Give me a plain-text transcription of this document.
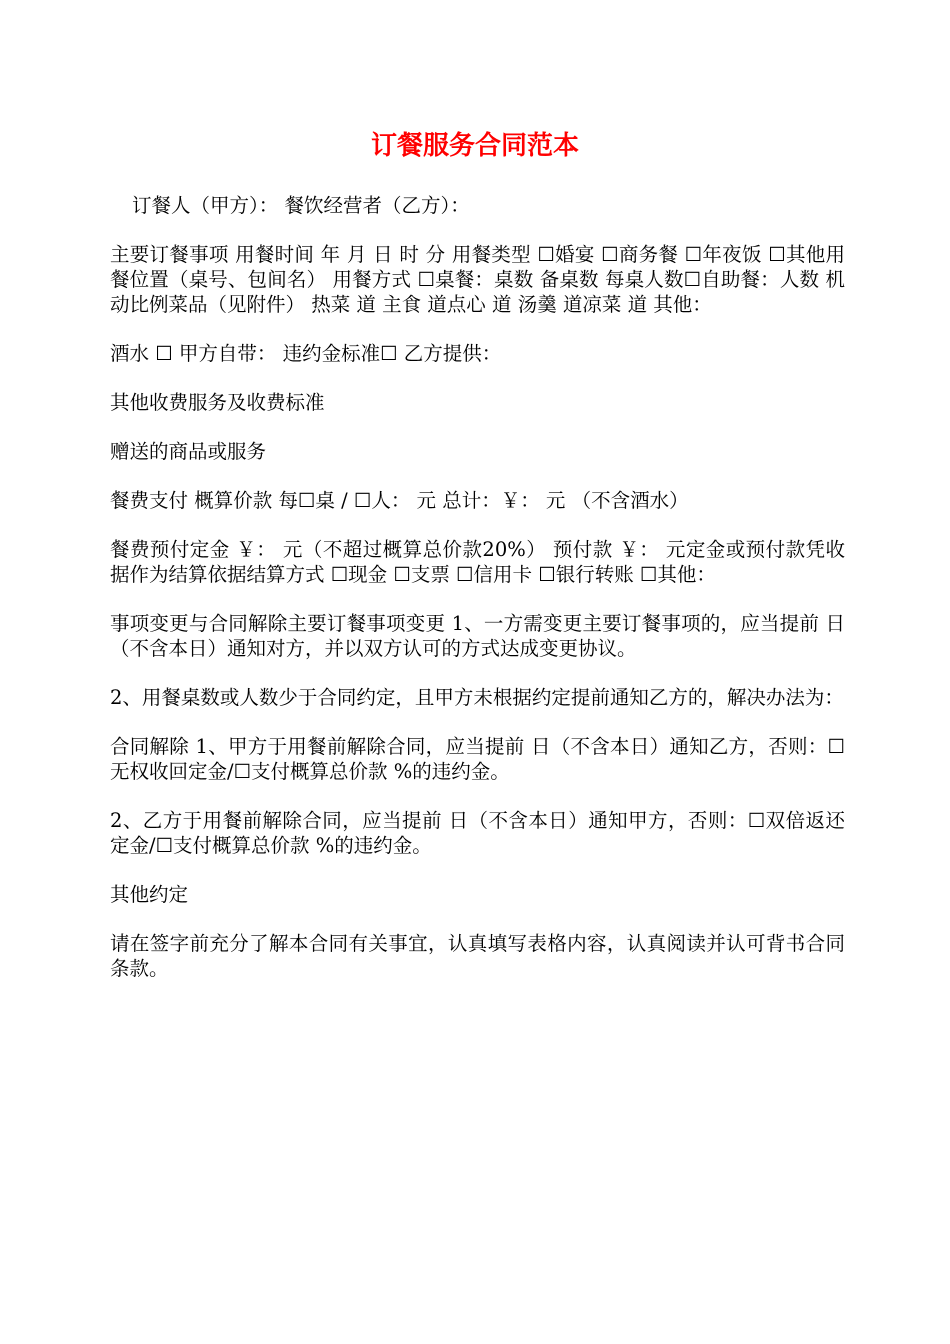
订餐服务合同范本

订餐人（甲方）： 餐饮经营者（乙方）：

主要订餐事项 用餐时间 年 月 日 时 分 用餐类型 ☐婚宴 ☐商务餐 ☐年夜饭 ☐其他用餐位置（桌号、包间名） 用餐方式 ☐桌餐：桌数 备桌数 每桌人数☐自助餐：人数 机动比例菜品（见附件） 热菜 道 主食 道点心 道 汤羹 道凉菜 道 其他：

酒水 ☐ 甲方自带： 违约金标准☐ 乙方提供：

其他收费服务及收费标准

赠送的商品或服务

餐费支付 概算价款 每☐桌 / ☐人： 元 总计：￥： 元 （不含酒水）

餐费预付定金 ￥： 元（不超过概算总价款20%） 预付款 ￥： 元定金或预付款凭收据作为结算依据结算方式 ☐现金 ☐支票 ☐信用卡 ☐银行转账 ☐其他：

事项变更与合同解除主要订餐事项变更 1、一方需变更主要订餐事项的，应当提前 日（不含本日）通知对方，并以双方认可的方式达成变更协议。

2、用餐桌数或人数少于合同约定，且甲方未根据约定提前通知乙方的，解决办法为：

合同解除 1、甲方于用餐前解除合同，应当提前 日（不含本日）通知乙方，否则：☐无权收回定金/☐支付概算总价款 %的违约金。

2、乙方于用餐前解除合同，应当提前 日（不含本日）通知甲方，否则：☐双倍返还定金/☐支付概算总价款 %的违约金。

其他约定

请在签字前充分了解本合同有关事宜，认真填写表格内容，认真阅读并认可背书合同条款。
